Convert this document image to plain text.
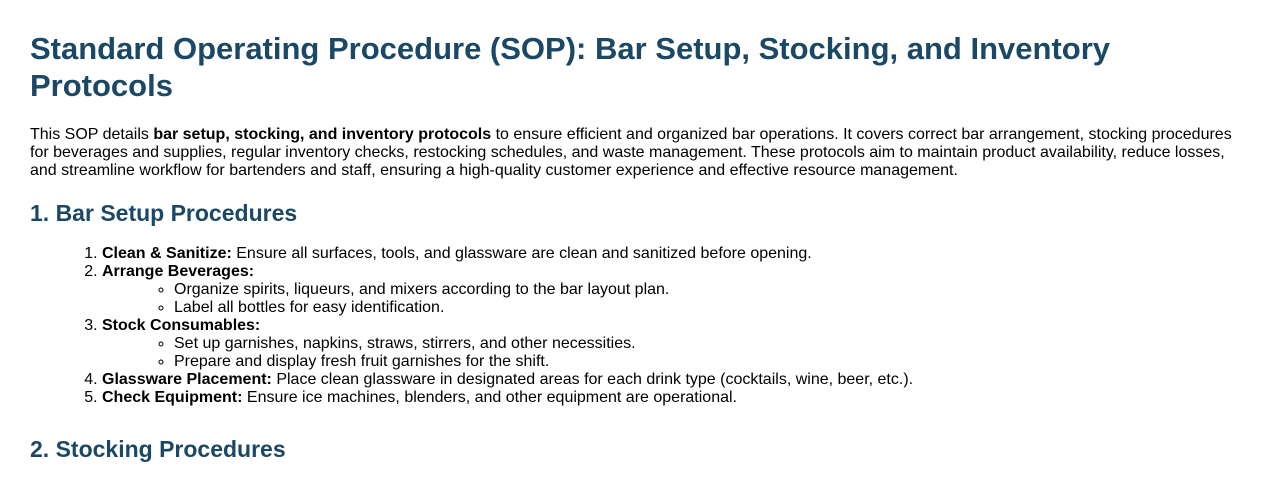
Standard Operating Procedure (SOP): Bar Setup, Stocking, and Inventory Protocols

This SOP details bar setup, stocking, and inventory protocols to ensure efficient and organized bar operations. It covers correct bar arrangement, stocking procedures for beverages and supplies, regular inventory checks, restocking schedules, and waste management. These protocols aim to maintain product availability, reduce losses, and streamline workflow for bartenders and staff, ensuring a high-quality customer experience and effective resource management.

1. Bar Setup Procedures
1. Clean & Sanitize: Ensure all surfaces, tools, and glassware are clean and sanitized before opening.
2. Arrange Beverages:
◦ Organize spirits, liqueurs, and mixers according to the bar layout plan.
◦ Label all bottles for easy identification.
3. Stock Consumables:
◦ Set up garnishes, napkins, straws, stirrers, and other necessities.
◦ Prepare and display fresh fruit garnishes for the shift.
4. Glassware Placement: Place clean glassware in designated areas for each drink type (cocktails, wine, beer, etc.).
5. Check Equipment: Ensure ice machines, blenders, and other equipment are operational.
2. Stocking Procedures
